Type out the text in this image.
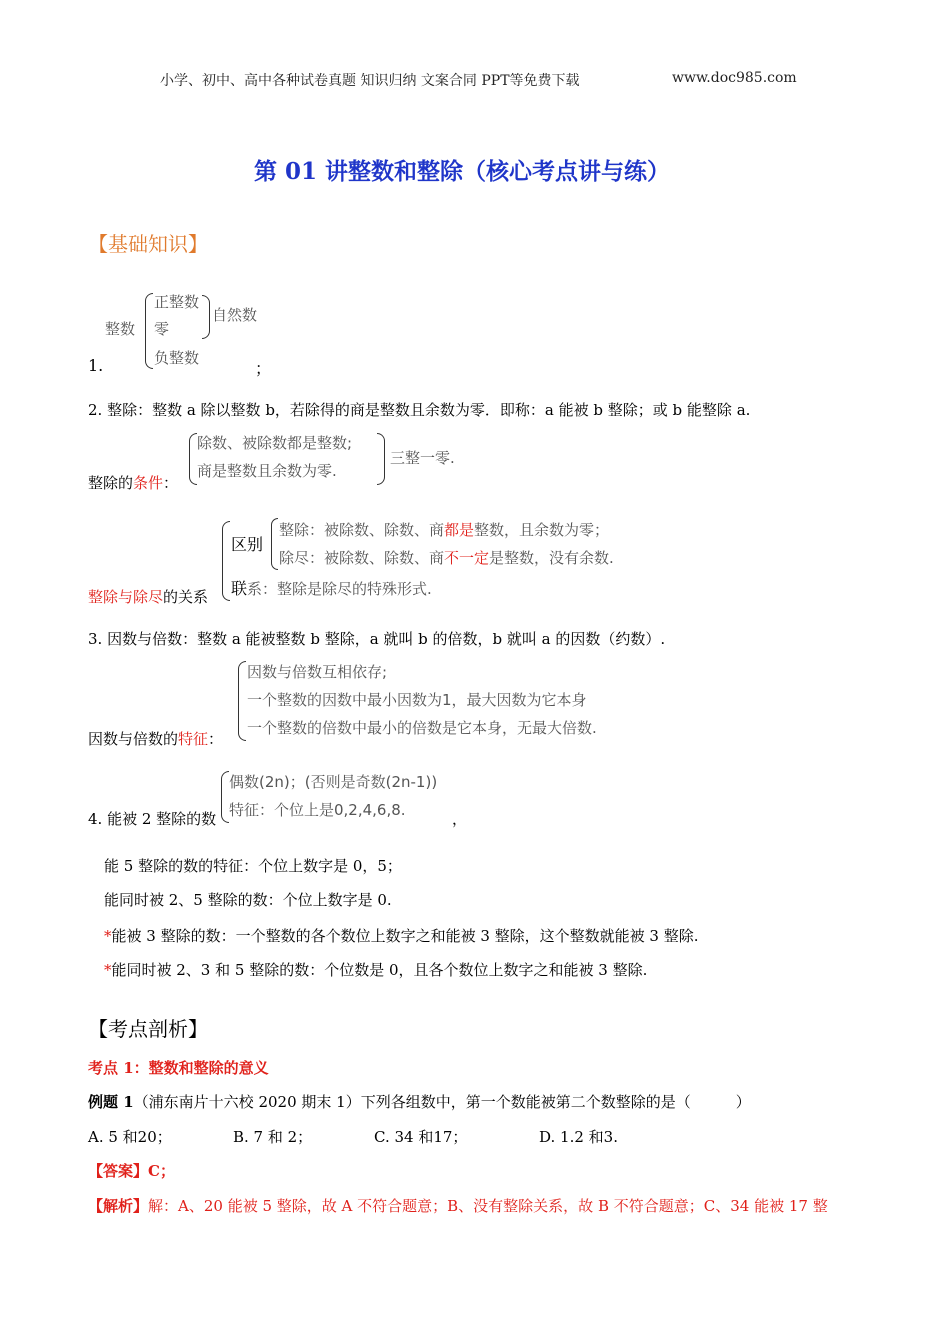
小学、初中、高中各种试卷真题 知识归纳 文案合同 PPT等免费下载	www.doc985.com
第 01 讲整数和整除（核心考点讲与练）
【基础知识】
1.
整数
正整数
零
负整数
自然数
；
2. 整除：整数 a 除以整数 b，若除得的商是整数且余数为零．即称：a 能被 b 整除；或 b 能整除 a.
除数、被除数都是整数;
商是整数且余数为零.
三整一零.
整除的条件：
区别
整除：被除数、除数、商都是整数，且余数为零；
除尽：被除数、除数、商不一定是整数，没有余数.
联系：整除是除尽的特殊形式.
整除与除尽的关系
3. 因数与倍数：整数 a 能被整数 b 整除，a 就叫 b 的倍数，b 就叫 a 的因数（约数）.
因数与倍数互相依存;
一个整数的因数中最小因数为1，最大因数为它本身
一个整数的倍数中最小的倍数是它本身，无最大倍数.
因数与倍数的特征：
偶数(2n)；(否则是奇数(2n-1))
特征：个位上是0,2,4,6,8.
4. 能被 2 整除的数	，
能 5 整除的数的特征：个位上数字是 0，5；
能同时被 2、5 整除的数：个位上数字是 0.
*能被 3 整除的数：一个整数的各个数位上数字之和能被 3 整除，这个整数就能被 3 整除.
*能同时被 2、3 和 5 整除的数：个位数是 0，且各个数位上数字之和能被 3 整除.
【考点剖析】
考点 1：整数和整除的意义
例题 1（浦东南片十六校 2020 期末 1）下列各组数中，第一个数能被第二个数整除的是（　　　）
A. 5 和20；	B. 7 和 2；	C. 34 和17；	D. 1.2 和3.
【答案】C；
【解析】解：A、20 能被 5 整除，故 A 不符合题意；B、没有整除关系，故 B 不符合题意；C、34 能被 17 整
